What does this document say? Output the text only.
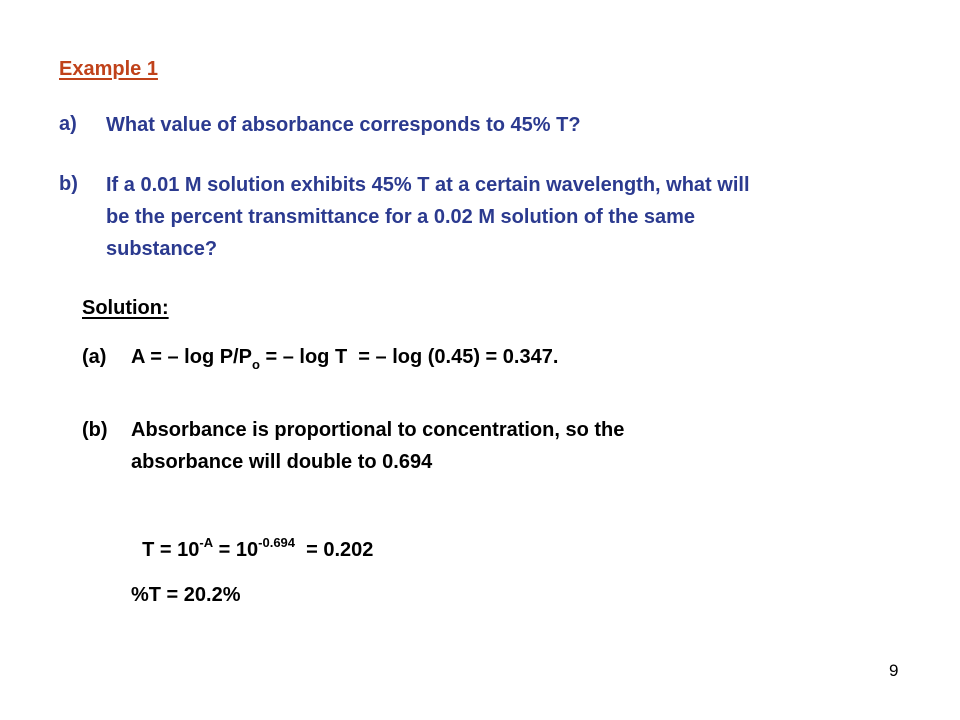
Example 1
a) What value of absorbance corresponds to 45% T?
b) If a 0.01 M solution exhibits 45% T at a certain wavelength, what will
be the percent transmittance for a 0.02 M solution of the same
substance?
Solution:
(a) A = – $\log P/P_o$ = – log T  = – log (0.45) = 0.347.
(b) Absorbance is proportional to concentration, so the
absorbance will double to 0.694

$T = 10^{-A} = 10^{-0.694} = 0.202$

%T = 20.2%
9
